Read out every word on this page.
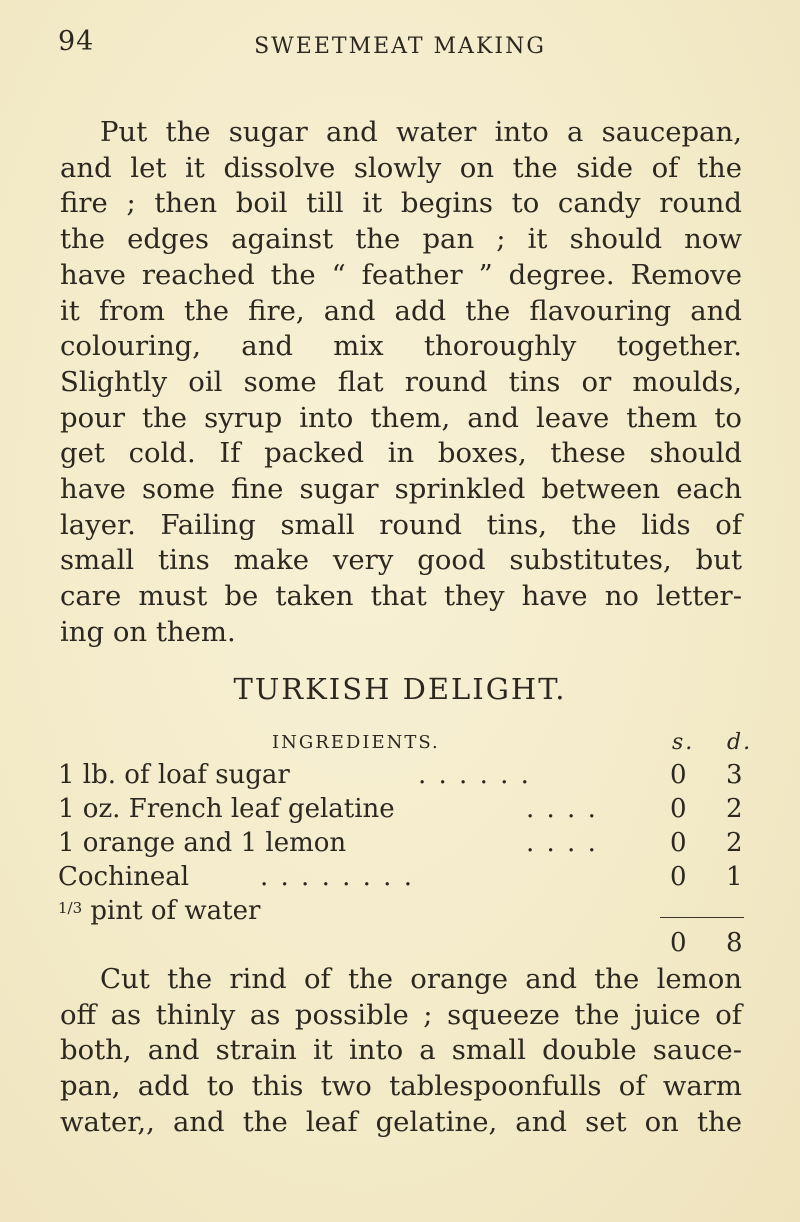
94	SWEETMEAT MAKING
Put the sugar and water into a saucepan,
and let it dissolve slowly on the side of the
fire ; then boil till it begins to candy round
the edges against the pan ; it should now
have reached the “ feather ” degree. Remove
it from the fire, and add the flavouring and
colouring, and mix thoroughly together.
Slightly oil some flat round tins or moulds,
pour the syrup into them, and leave them to
get cold. If packed in boxes, these should
have some fine sugar sprinkled between each
layer. Failing small round tins, the lids of
small tins make very good substitutes, but
care must be taken that they have no letter-
ing on them.
TURKISH DELIGHT.
INGREDIENTS.	s. d.
1 lb. of loaf sugar	. . . . . .	0 3
1 oz. French leaf gelatine	. . . .	0 2
1 orange and 1 lemon	. . . .	0 2
Cochineal	. . . . . . . .	0 1
$^{1/3}$ pint of water
0 8
Cut the rind of the orange and the lemon
off as thinly as possible ; squeeze the juice of
both, and strain it into a small double sauce-
pan, add to this two tablespoonfulls of warm
water,, and the leaf gelatine, and set on the
